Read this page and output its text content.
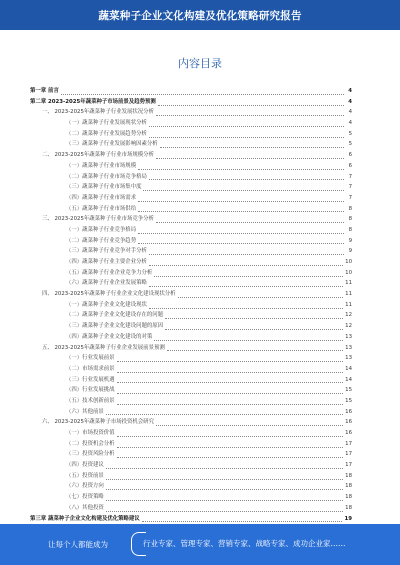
蔬菜种子企业文化构建及优化策略研究报告
内容目录
第一章 前言	4
第二章 2023-2025年蔬菜种子市场前景及趋势预测	4
一、 2023-2025年蔬菜种子行业发展状况分析	4
（一）蔬菜种子行业发展现状分析	4
（二）蔬菜种子行业发展趋势分析	5
（三）蔬菜种子行业发展影响因素分析	5
二、 2023-2025年蔬菜种子行业市场规模分析	6
（一）蔬菜种子行业市场规模	6
（二）蔬菜种子行业市场竞争格局	7
（三）蔬菜种子行业市场集中度	7
（四）蔬菜种子行业市场需求	7
（五）蔬菜种子行业市场供给	8
三、 2023-2025年蔬菜种子行业市场竞争分析	8
（一）蔬菜种子行业竞争格局	8
（二）蔬菜种子行业竞争趋势	9
（三）蔬菜种子行业竞争对手分析	9
（四）蔬菜种子行业主要企业分析	10
（五）蔬菜种子行业企业竞争力分析	10
（六）蔬菜种子行业企业发展策略	11
四、 2023-2025年蔬菜种子行业企业文化建设现状分析	11
（一）蔬菜种子企业文化建设现状	11
（二）蔬菜种子企业文化建设存在的问题	12
（三）蔬菜种子企业文化建设问题的原因	12
（四）蔬菜种子企业文化建设的对策	13
五、 2023-2025年蔬菜种子行业企业发展前景预测	13
（一）行业发展前景	13
（二）市场需求前景	14
（三）行业发展机遇	14
（四）行业发展挑战	15
（五）技术创新前景	15
（六）其他前景	16
六、 2023-2025年蔬菜种子市场投资机会研究	16
（一）市场投资价值	16
（二）投资机会分析	17
（三）投资风险分析	17
（四）投资建议	17
（五）投资前景	18
（六）投资方向	18
（七）投资策略	18
（八）其他投资	18
第三章 蔬菜种子企业文化构建及优化策略建议	19
让每个人都能成为	行业专家、管理专家、营销专家、战略专家、成功企业家……
